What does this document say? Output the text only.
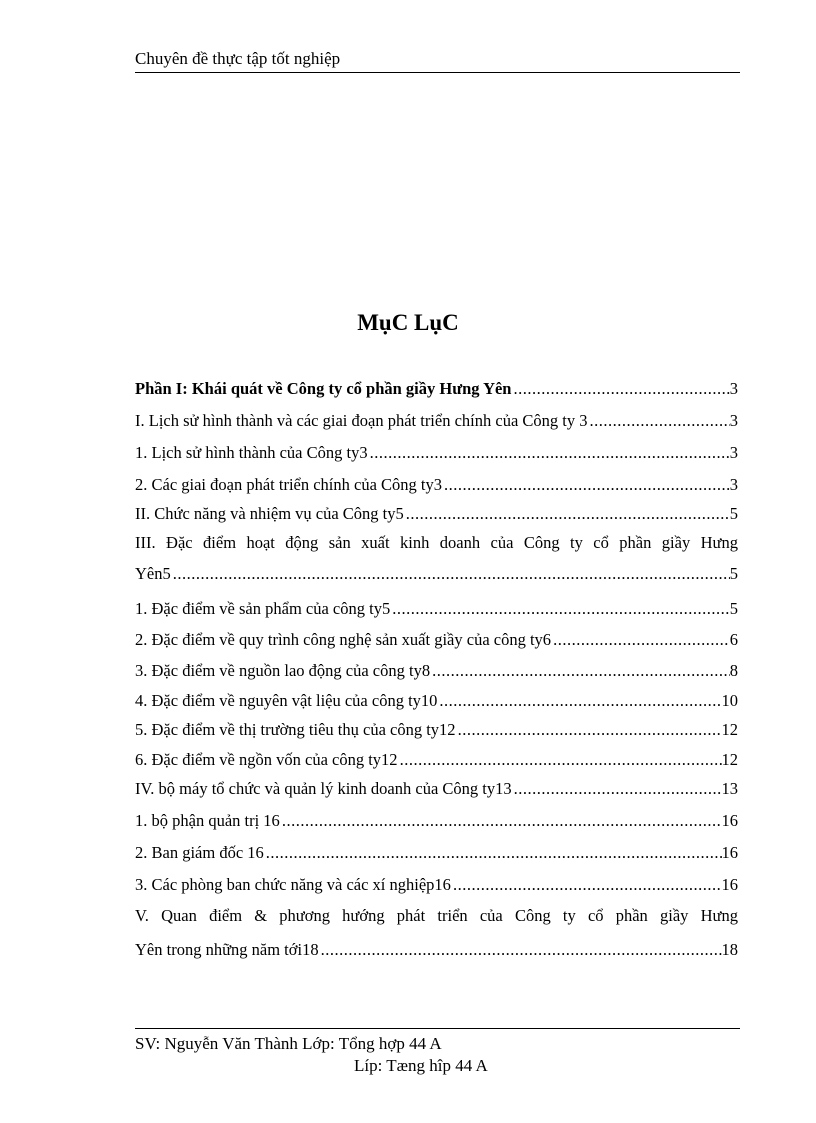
Chuyên đề thực tập tốt nghiệp
MụC LụC
Phần I: Khái quát về Công ty cổ phần giầy Hưng Yên .....	3
I. Lịch sử hình thành và các giai đoạn phát triển chính của Công ty 3 .....	3
1. Lịch sử hình thành của Công ty3 .....	3
2. Các giai đoạn phát triển chính của Công ty3 .....	3
II. Chức năng và nhiệm vụ của Công ty5 .....	5
III. Đặc điểm hoạt động sản xuất kinh doanh của Công ty cổ phần giầy Hưng
Yên5 .....	5
1. Đặc điểm về sản phẩm của công ty5 .....	5
2. Đặc điểm về quy trình công nghệ sản xuất giầy của công ty6 .....	6
3. Đặc điểm về nguồn lao động của công ty8 .....	8
4. Đặc điểm về nguyên vật liệu của công ty10 .....	10
5. Đặc điểm về thị trường tiêu thụ của công ty12 .....	12
6. Đặc điểm về ngồn vốn của công ty12 .....	12
IV. bộ máy tổ chức và quản lý kinh doanh của Công ty13 .....	13
1. bộ phận quản trị 16 .....	16
2. Ban giám đốc 16 .....	16
3. Các phòng ban chức năng và các xí nghiệp16 .....	16
V. Quan điểm & phương hướng phát triển của Công ty cổ phần giầy Hưng
Yên trong những năm tới18 .....	18
SV: Nguyễn Văn Thành Lớp: Tổng hợp 44 A
Líp: Tæng hîp 44 A
